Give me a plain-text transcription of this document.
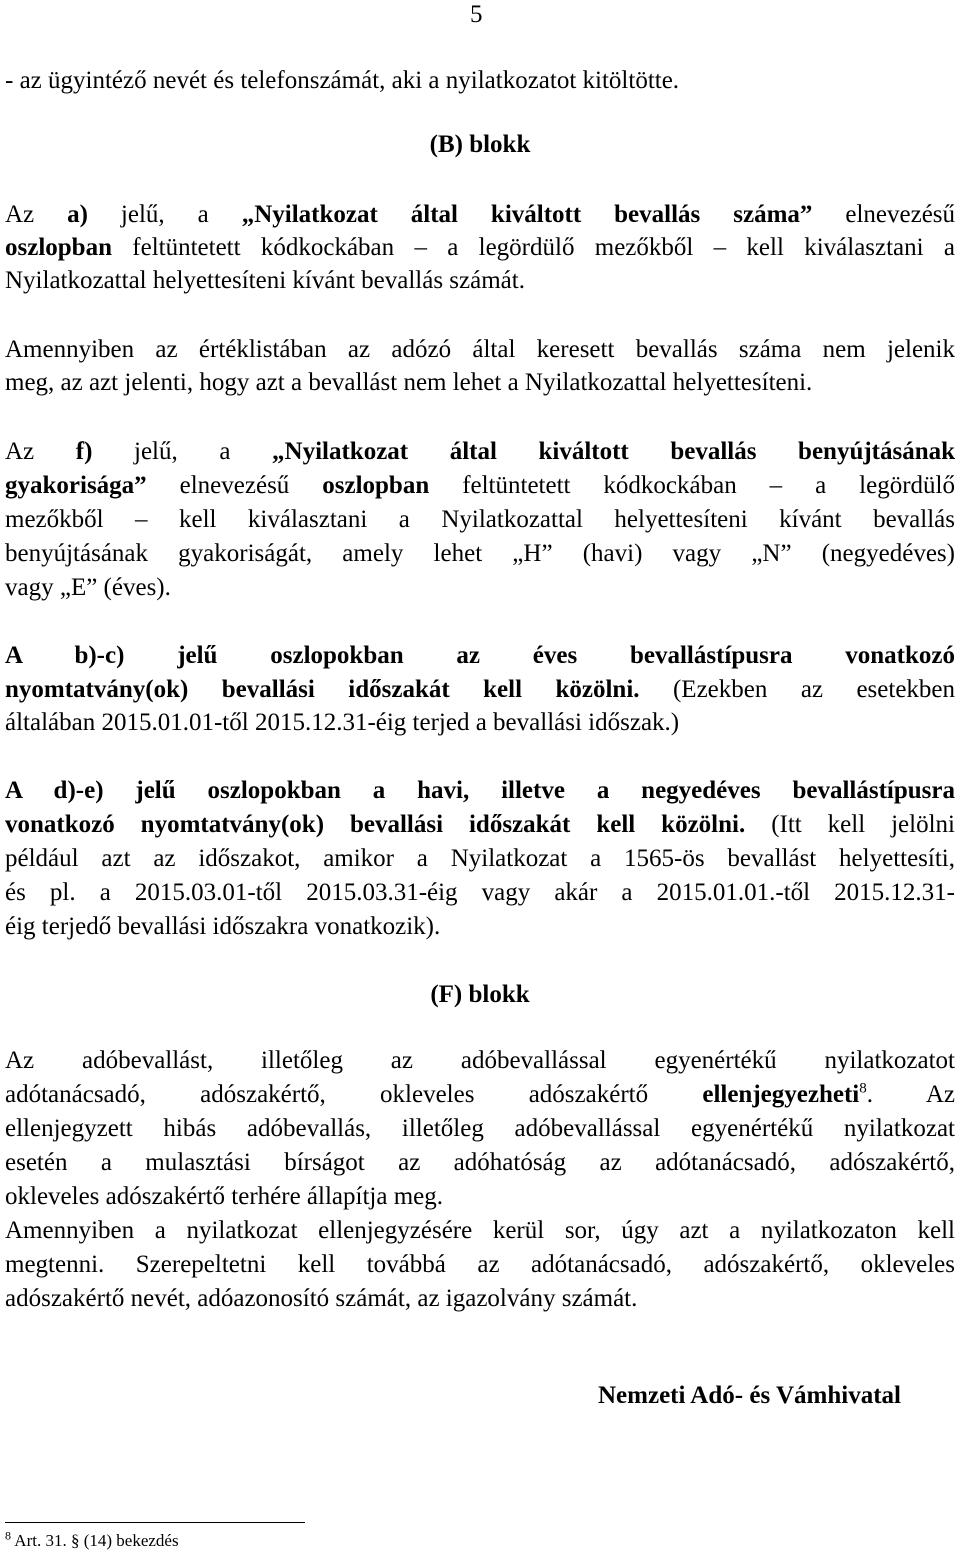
5
- az ügyintéző nevét és telefonszámát, aki a nyilatkozatot kitöltötte.
(B) blokk
Az a) jelű, a „Nyilatkozat által kiváltott bevallás száma” elnevezésű
oszlopban feltüntetett kódkockában – a legördülő mezőkből – kell kiválasztani a
Nyilatkozattal helyettesíteni kívánt bevallás számát.
Amennyiben az értéklistában az adózó által keresett bevallás száma nem jelenik
meg, az azt jelenti, hogy azt a bevallást nem lehet a Nyilatkozattal helyettesíteni.
Az f) jelű, a „Nyilatkozat által kiváltott bevallás benyújtásának
gyakorisága” elnevezésű oszlopban feltüntetett kódkockában – a legördülő
mezőkből – kell kiválasztani a Nyilatkozattal helyettesíteni kívánt bevallás
benyújtásának gyakoriságát, amely lehet „H” (havi) vagy „N” (negyedéves)
vagy „E” (éves).
A b)-c) jelű oszlopokban az éves bevallástípusra vonatkozó
nyomtatvány(ok) bevallási időszakát kell közölni. (Ezekben az esetekben
általában 2015.01.01-től 2015.12.31-éig terjed a bevallási időszak.)
A d)-e) jelű oszlopokban a havi, illetve a negyedéves bevallástípusra
vonatkozó nyomtatvány(ok) bevallási időszakát kell közölni. (Itt kell jelölni
például azt az időszakot, amikor a Nyilatkozat a 1565-ös bevallást helyettesíti,
és pl. a 2015.03.01-től 2015.03.31-éig vagy akár a 2015.01.01.-től 2015.12.31-
éig terjedő bevallási időszakra vonatkozik).
(F) blokk
Az adóbevallást, illetőleg az adóbevallással egyenértékű nyilatkozatot
adótanácsadó, adószakértő, okleveles adószakértő ellenjegyezheti$^8$. Az
ellenjegyzett hibás adóbevallás, illetőleg adóbevallással egyenértékű nyilatkozat
esetén a mulasztási bírságot az adóhatóság az adótanácsadó, adószakértő,
okleveles adószakértő terhére állapítja meg.
Amennyiben a nyilatkozat ellenjegyzésére kerül sor, úgy azt a nyilatkozaton kell
megtenni. Szerepeltetni kell továbbá az adótanácsadó, adószakértő, okleveles
adószakértő nevét, adóazonosító számát, az igazolvány számát.
Nemzeti Adó- és Vámhivatal
$^8$ Art. 31. § (14) bekezdés
